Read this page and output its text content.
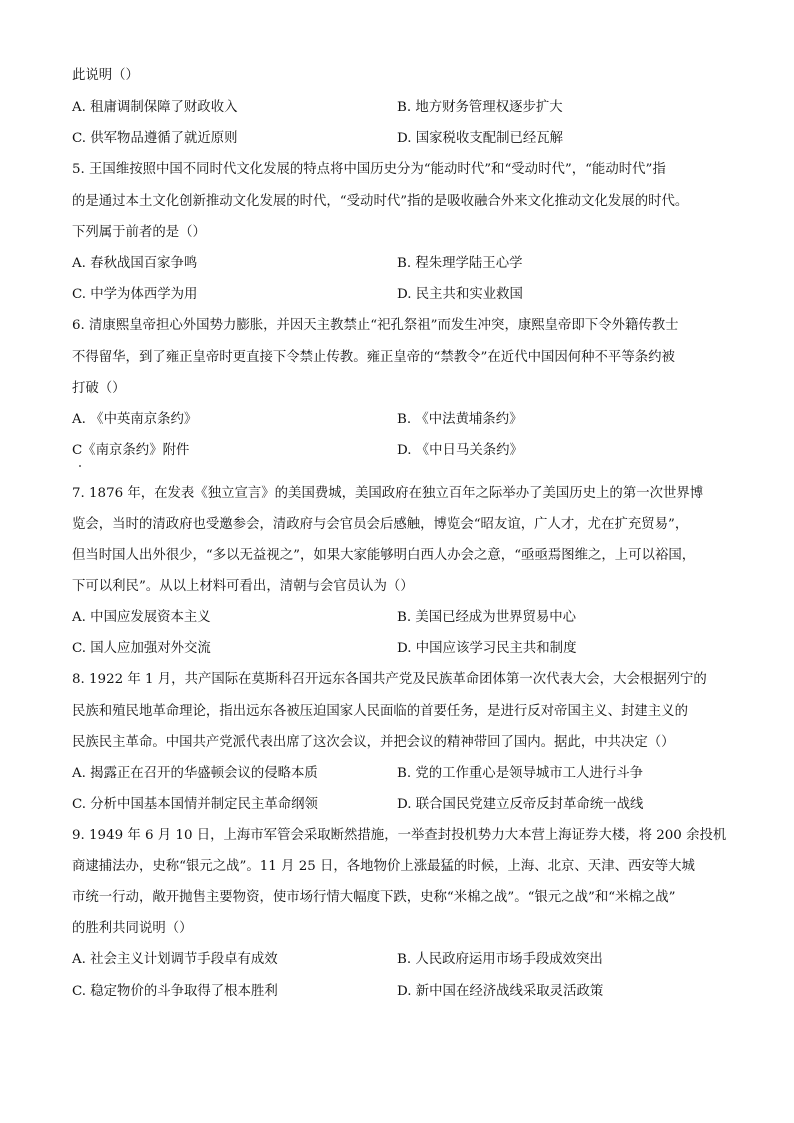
此说明（）
A. 租庸调制保障了财政收入	B. 地方财务管理权逐步扩大
C. 供军物品遵循了就近原则	D. 国家税收支配制已经瓦解
5. 王国维按照中国不同时代文化发展的特点将中国历史分为“能动时代”和“受动时代”，“能动时代”指
的是通过本土文化创新推动文化发展的时代，“受动时代”指的是吸收融合外来文化推动文化发展的时代。
下列属于前者的是（）
A. 春秋战国百家争鸣	B. 程朱理学陆王心学
C. 中学为体西学为用	D. 民主共和实业救国
6. 清康熙皇帝担心外国势力膨胀，并因天主教禁止“祀孔祭祖”而发生冲突，康熙皇帝即下令外籍传教士
不得留华，到了雍正皇帝时更直接下令禁止传教。雍正皇帝的“禁教令”在近代中国因何种不平等条约被
打破（）
A. 《中英南京条约》	B. 《中法黄埔条约》
C《南京条约》附件	D. 《中日马关条约》
7. 1876 年，在发表《独立宣言》的美国费城，美国政府在独立百年之际举办了美国历史上的第一次世界博
览会，当时的清政府也受邀参会，清政府与会官员会后感触，博览会“昭友谊，广人才，尤在扩充贸易”，
但当时国人出外很少，“多以无益视之”，如果大家能够明白西人办会之意，“亟亟焉图维之，上可以裕国，
下可以利民”。从以上材料可看出，清朝与会官员认为（）
A. 中国应发展资本主义	B. 美国已经成为世界贸易中心
C. 国人应加强对外交流	D. 中国应该学习民主共和制度
8. 1922 年 1 月，共产国际在莫斯科召开远东各国共产党及民族革命团体第一次代表大会，大会根据列宁的
民族和殖民地革命理论，指出远东各被压迫国家人民面临的首要任务，是进行反对帝国主义、封建主义的
民族民主革命。中国共产党派代表出席了这次会议，并把会议的精神带回了国内。据此，中共决定（）
A. 揭露正在召开的华盛顿会议的侵略本质	B. 党的工作重心是领导城市工人进行斗争
C. 分析中国基本国情并制定民主革命纲领	D. 联合国民党建立反帝反封革命统一战线
9. 1949 年 6 月 10 日，上海市军管会采取断然措施，一举查封投机势力大本营上海证券大楼，将 200 余投机
商逮捕法办，史称“银元之战”。11 月 25 日，各地物价上涨最猛的时候，上海、北京、天津、西安等大城
市统一行动，敞开抛售主要物资，使市场行情大幅度下跌，史称“米棉之战”。“银元之战”和“米棉之战”
的胜利共同说明（）
A. 社会主义计划调节手段卓有成效	B. 人民政府运用市场手段成效突出
C. 稳定物价的斗争取得了根本胜利	D. 新中国在经济战线采取灵活政策
